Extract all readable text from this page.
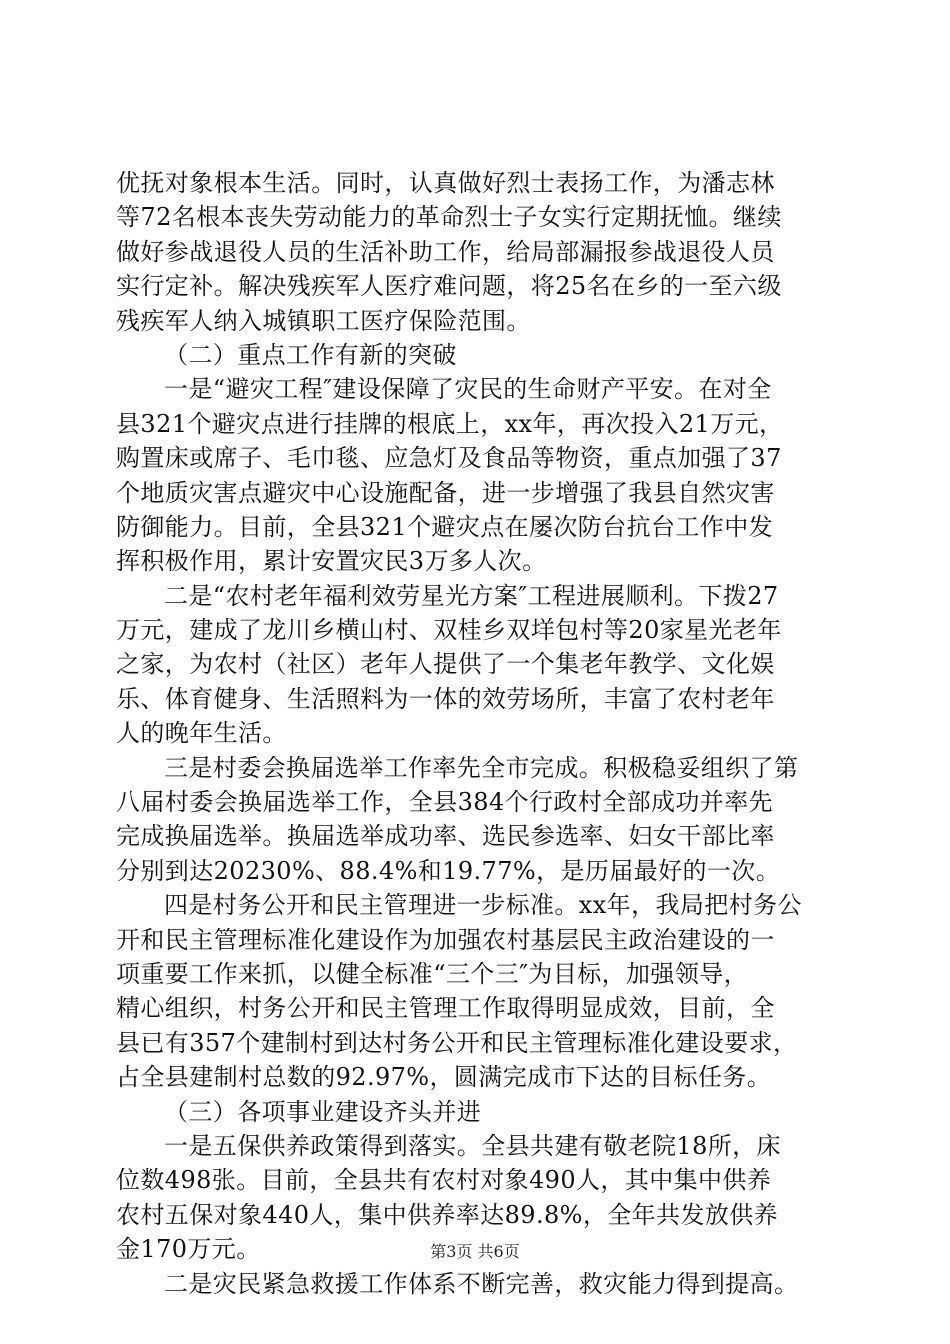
优抚对象根本生活。同时，认真做好烈士表扬工作，为潘志林
等72名根本丧失劳动能力的革命烈士子女实行定期抚恤。继续
做好参战退役人员的生活补助工作，给局部漏报参战退役人员
实行定补。解决残疾军人医疗难问题，将25名在乡的一至六级
残疾军人纳入城镇职工医疗保险范围。
（二）重点工作有新的突破
一是“避灾工程″建设保障了灾民的生命财产平安。在对全
县321个避灾点进行挂牌的根底上，xx年，再次投入21万元，
购置床或席子、毛巾毯、应急灯及食品等物资，重点加强了37
个地质灾害点避灾中心设施配备，进一步增强了我县自然灾害
防御能力。目前，全县321个避灾点在屡次防台抗台工作中发
挥积极作用，累计安置灾民3万多人次。
二是“农村老年福利效劳星光方案″工程进展顺利。下拨27
万元，建成了龙川乡横山村、双桂乡双垟包村等20家星光老年
之家，为农村（社区）老年人提供了一个集老年教学、文化娱
乐、体育健身、生活照料为一体的效劳场所，丰富了农村老年
人的晚年生活。
三是村委会换届选举工作率先全市完成。积极稳妥组织了第
八届村委会换届选举工作，全县384个行政村全部成功并率先
完成换届选举。换届选举成功率、选民参选率、妇女干部比率
分别到达20230%、88.4%和19.77%，是历届最好的一次。
四是村务公开和民主管理进一步标准。xx年，我局把村务公
开和民主管理标准化建设作为加强农村基层民主政治建设的一
项重要工作来抓，以健全标准“三个三″为目标，加强领导，
精心组织，村务公开和民主管理工作取得明显成效，目前，全
县已有357个建制村到达村务公开和民主管理标准化建设要求，
占全县建制村总数的92.97%，圆满完成市下达的目标任务。
（三）各项事业建设齐头并进
一是五保供养政策得到落实。全县共建有敬老院18所，床
位数498张。目前，全县共有农村对象490人，其中集中供养
农村五保对象440人，集中供养率达89.8%，全年共发放供养
金170万元。
二是灾民紧急救援工作体系不断完善，救灾能力得到提高。
第3页 共6页
